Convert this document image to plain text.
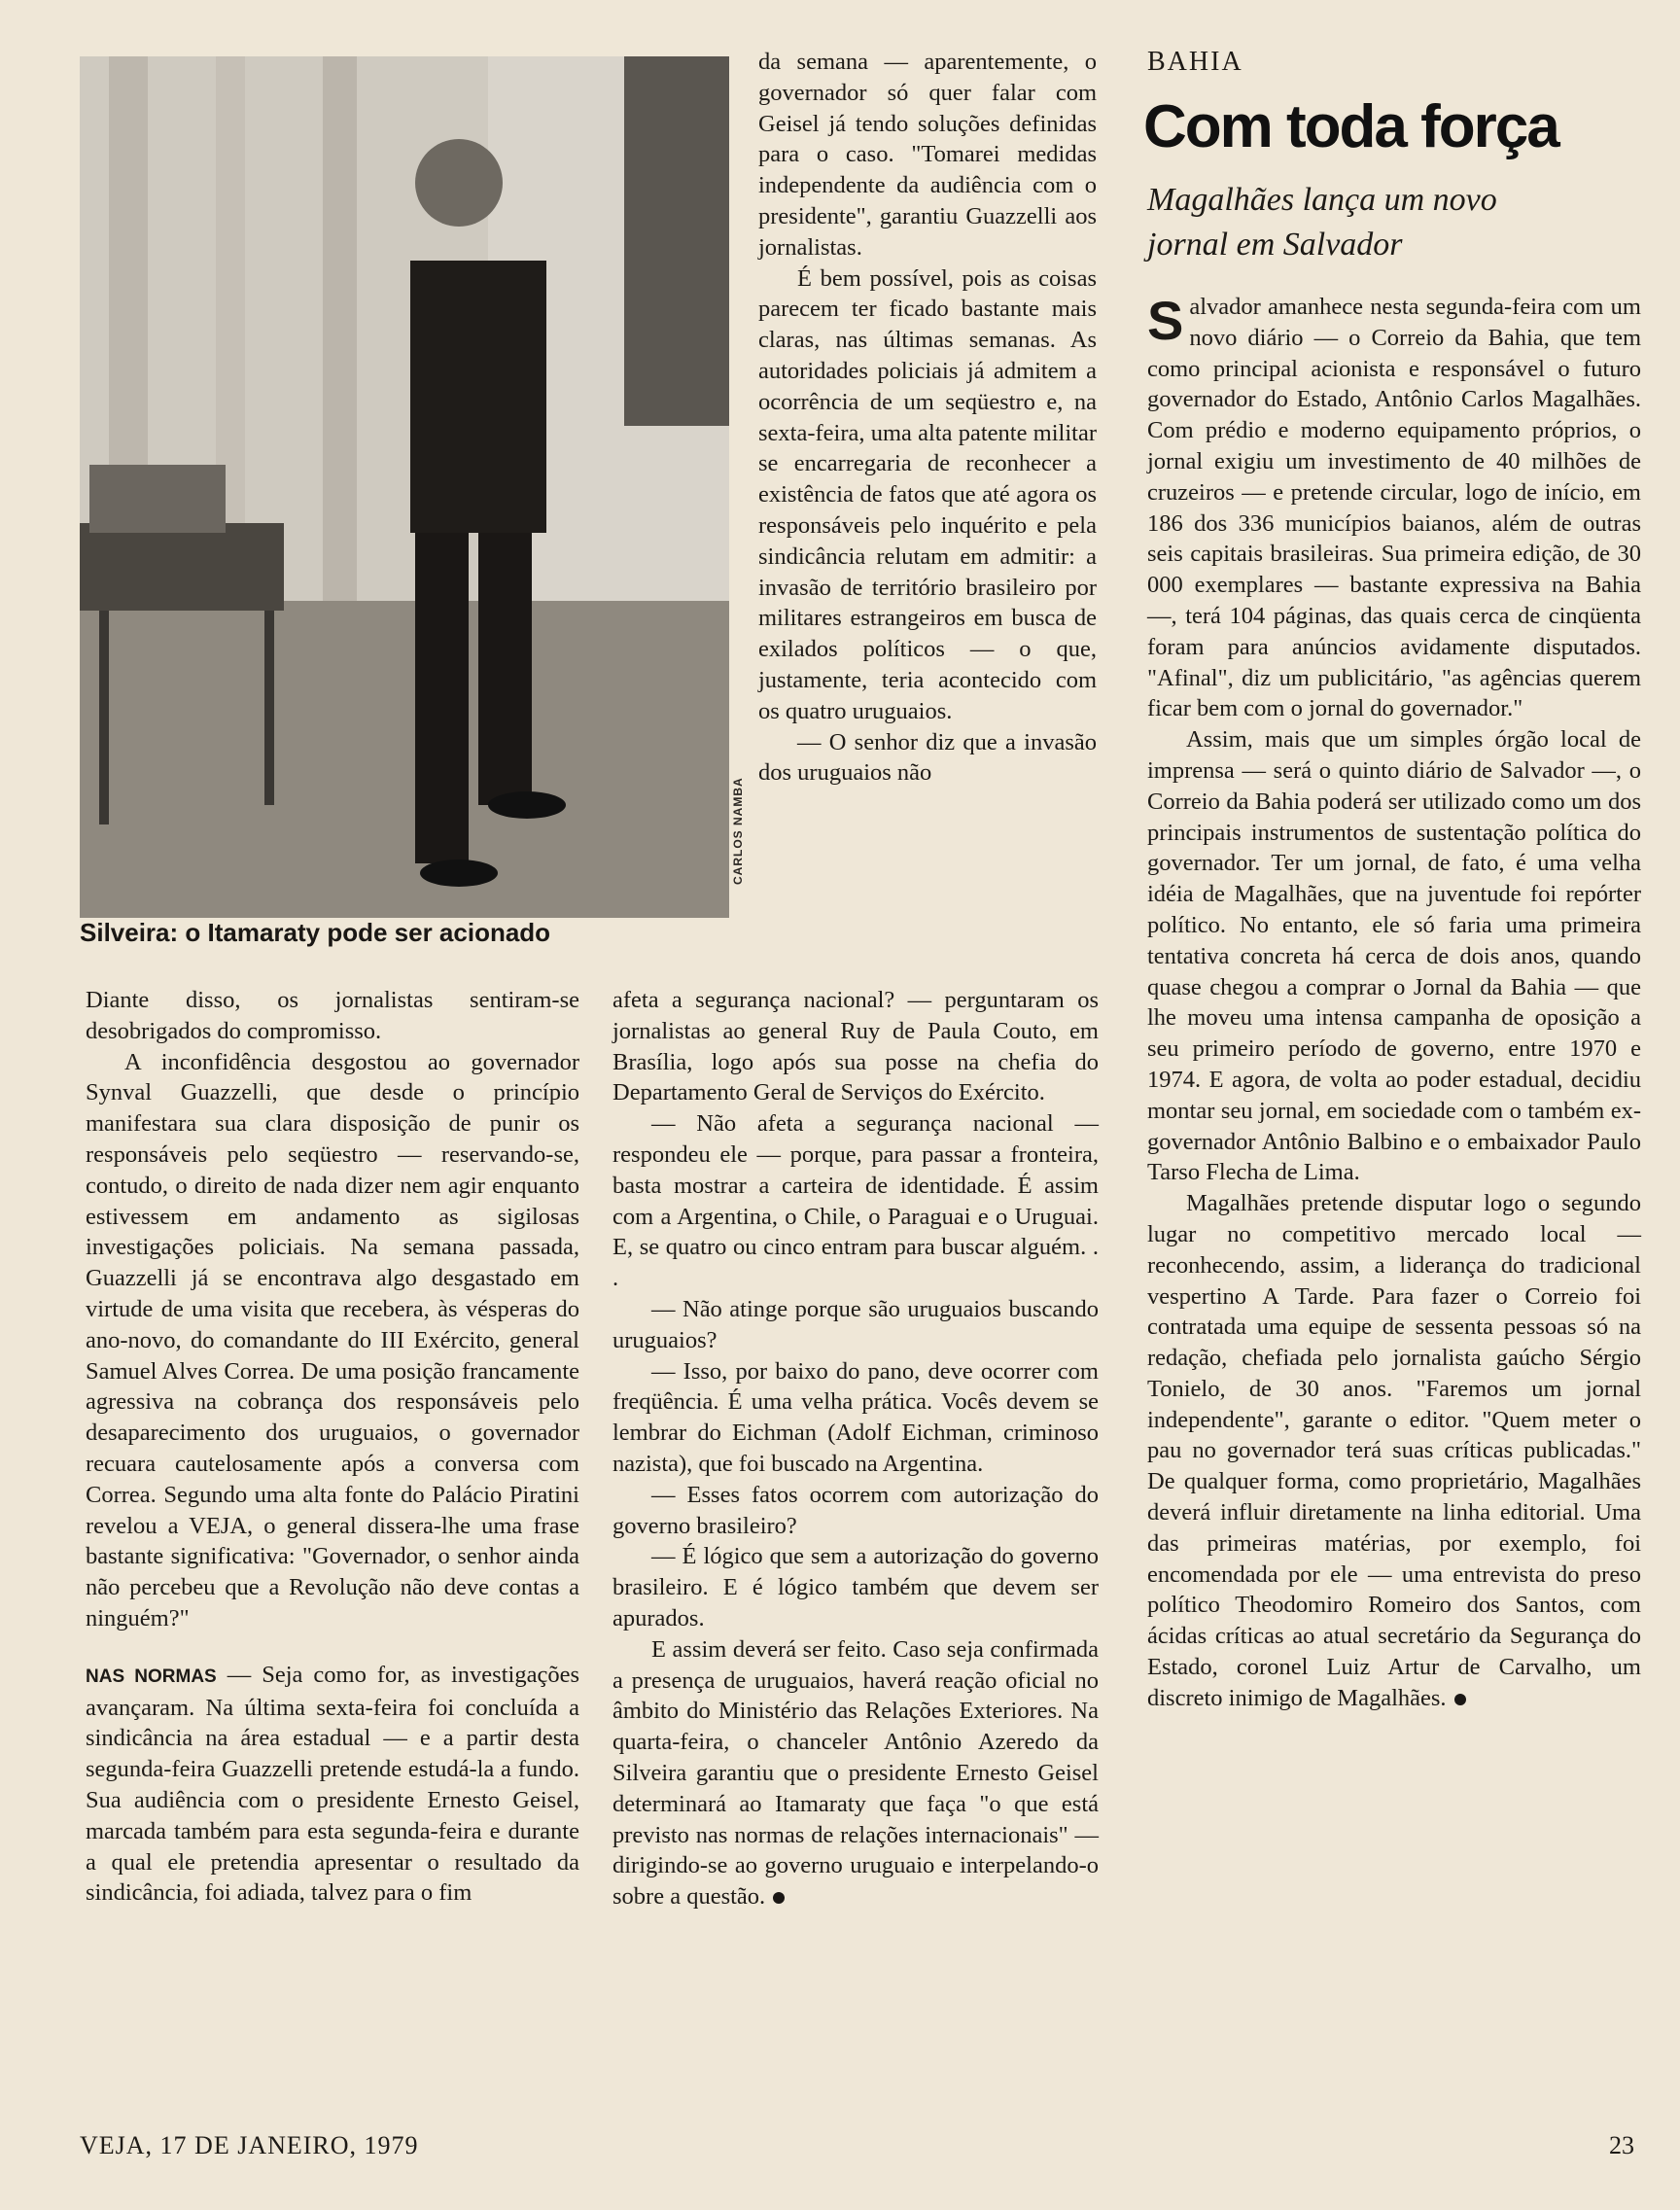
CARLOS NAMBA
Silveira: o Itamaraty pode ser acionado

da semana — aparentemente, o governador só quer falar com Geisel já tendo soluções definidas para o caso. "Tomarei medidas independente da audiência com o presidente", garantiu Guazzelli aos jornalistas.

É bem possível, pois as coisas parecem ter ficado bastante mais claras, nas últimas semanas. As autoridades policiais já admitem a ocorrência de um seqüestro e, na sexta-feira, uma alta patente militar se encarregaria de reconhecer a existência de fatos que até agora os responsáveis pelo inquérito e pela sindicância relutam em admitir: a invasão de território brasileiro por militares estrangeiros em busca de exilados políticos — o que, justamente, teria acontecido com os quatro uruguaios.

— O senhor diz que a invasão dos uruguaios não

Diante disso, os jornalistas sentiram-se desobrigados do compromisso.

A inconfidência desgostou ao governador Synval Guazzelli, que desde o princípio manifestara sua clara disposição de punir os responsáveis pelo seqüestro — reservando-se, contudo, o direito de nada dizer nem agir enquanto estivessem em andamento as sigilosas investigações policiais. Na semana passada, Guazzelli já se encontrava algo desgastado em virtude de uma visita que recebera, às vésperas do ano-novo, do comandante do III Exército, general Samuel Alves Correa. De uma posição francamente agressiva na cobrança dos responsáveis pelo desaparecimento dos uruguaios, o governador recuara cautelosamente após a conversa com Correa. Segundo uma alta fonte do Palácio Piratini revelou a VEJA, o general dissera-lhe uma frase bastante significativa: "Governador, o senhor ainda não percebeu que a Revolução não deve contas a ninguém?"

NAS NORMAS — Seja como for, as investigações avançaram. Na última sexta-feira foi concluída a sindicância na área estadual — e a partir desta segunda-feira Guazzelli pretende estudá-la a fundo. Sua audiência com o presidente Ernesto Geisel, marcada também para esta segunda-feira e durante a qual ele pretendia apresentar o resultado da sindicância, foi adiada, talvez para o fim

afeta a segurança nacional? — perguntaram os jornalistas ao general Ruy de Paula Couto, em Brasília, logo após sua posse na chefia do Departamento Geral de Serviços do Exército.

— Não afeta a segurança nacional — respondeu ele — porque, para passar a fronteira, basta mostrar a carteira de identidade. É assim com a Argentina, o Chile, o Paraguai e o Uruguai. E, se quatro ou cinco entram para buscar alguém. . .

— Não atinge porque são uruguaios buscando uruguaios?

— Isso, por baixo do pano, deve ocorrer com freqüência. É uma velha prática. Vocês devem se lembrar do Eichman (Adolf Eichman, criminoso nazista), que foi buscado na Argentina.

— Esses fatos ocorrem com autorização do governo brasileiro?

— É lógico que sem a autorização do governo brasileiro. E é lógico também que devem ser apurados.

E assim deverá ser feito. Caso seja confirmada a presença de uruguaios, haverá reação oficial no âmbito do Ministério das Relações Exteriores. Na quarta-feira, o chanceler Antônio Azeredo da Silveira garantiu que o presidente Ernesto Geisel determinará ao Itamaraty que faça "o que está previsto nas normas de relações internacionais" — dirigindo-se ao governo uruguaio e interpelando-o sobre a questão.

BAHIA
Com toda força
Magalhães lança um novo jornal em Salvador

Salvador amanhece nesta segunda-feira com um novo diário — o Correio da Bahia, que tem como principal acionista e responsável o futuro governador do Estado, Antônio Carlos Magalhães. Com prédio e moderno equipamento próprios, o jornal exigiu um investimento de 40 milhões de cruzeiros — e pretende circular, logo de início, em 186 dos 336 municípios baianos, além de outras seis capitais brasileiras. Sua primeira edição, de 30 000 exemplares — bastante expressiva na Bahia —, terá 104 páginas, das quais cerca de cinqüenta foram para anúncios avidamente disputados. "Afinal", diz um publicitário, "as agências querem ficar bem com o jornal do governador."

Assim, mais que um simples órgão local de imprensa — será o quinto diário de Salvador —, o Correio da Bahia poderá ser utilizado como um dos principais instrumentos de sustentação política do governador. Ter um jornal, de fato, é uma velha idéia de Magalhães, que na juventude foi repórter político. No entanto, ele só faria uma primeira tentativa concreta há cerca de dois anos, quando quase chegou a comprar o Jornal da Bahia — que lhe moveu uma intensa campanha de oposição a seu primeiro período de governo, entre 1970 e 1974. E agora, de volta ao poder estadual, decidiu montar seu jornal, em sociedade com o também ex-governador Antônio Balbino e o embaixador Paulo Tarso Flecha de Lima.

Magalhães pretende disputar logo o segundo lugar no competitivo mercado local — reconhecendo, assim, a liderança do tradicional vespertino A Tarde. Para fazer o Correio foi contratada uma equipe de sessenta pessoas só na redação, chefiada pelo jornalista gaúcho Sérgio Tonielo, de 30 anos. "Faremos um jornal independente", garante o editor. "Quem meter o pau no governador terá suas críticas publicadas." De qualquer forma, como proprietário, Magalhães deverá influir diretamente na linha editorial. Uma das primeiras matérias, por exemplo, foi encomendada por ele — uma entrevista do preso político Theodomiro Romeiro dos Santos, com ácidas críticas ao atual secretário da Segurança do Estado, coronel Luiz Artur de Carvalho, um discreto inimigo de Magalhães.

VEJA, 17 DE JANEIRO, 1979	23
